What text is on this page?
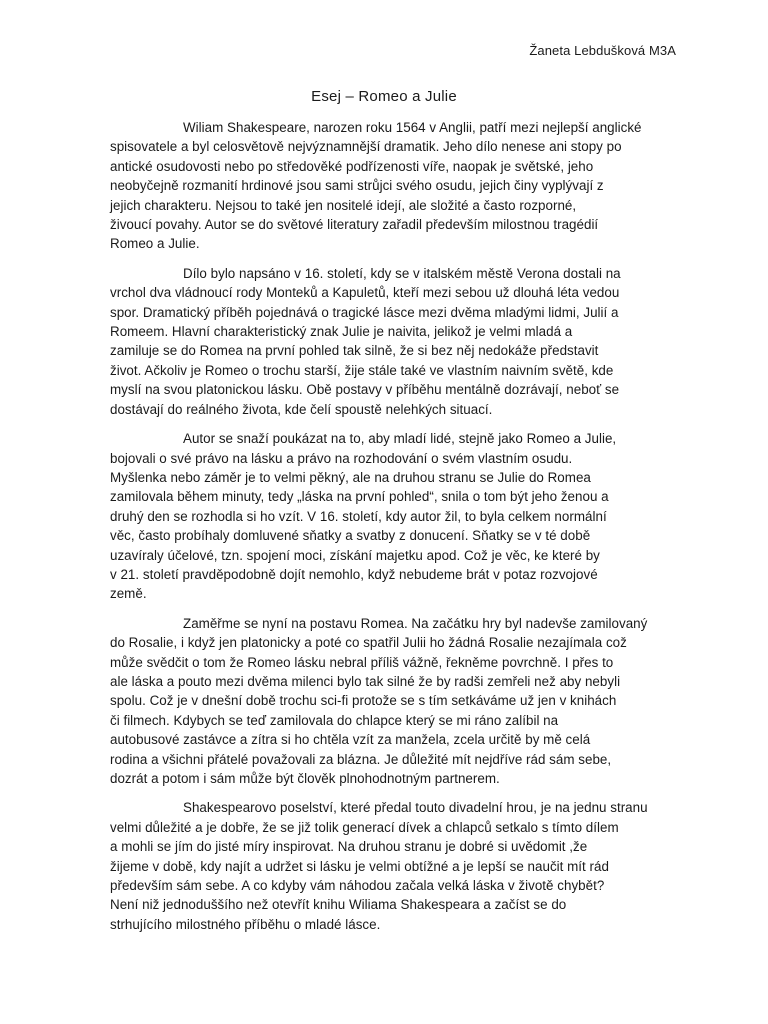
Žaneta Lebdušková M3A
Esej – Romeo a Julie
Wiliam Shakespeare, narozen roku 1564 v Anglii, patří mezi nejlepší anglické
spisovatele a byl celosvětově nejvýznamnější dramatik. Jeho dílo nenese ani stopy po
antické osudovosti nebo po středověké podřízenosti víře, naopak je světské, jeho
neobyčejně rozmanití hrdinové jsou sami strůjci svého osudu, jejich činy vyplývají z
jejich charakteru. Nejsou to také jen nositelé idejí, ale složité a často rozporné,
živoucí povahy. Autor se do světové literatury zařadil především milostnou tragédií
Romeo a Julie.
Dílo bylo napsáno v 16. století, kdy se v italském městě Verona dostali na
vrchol dva vládnoucí rody Monteků a Kapuletů, kteří mezi sebou už dlouhá léta vedou
spor. Dramatický příběh pojednává o tragické lásce mezi dvěma mladými lidmi, Julií a
Romeem. Hlavní charakteristický znak Julie je naivita, jelikož je velmi mladá a
zamiluje se do Romea na první pohled tak silně, že si bez něj nedokáže představit
život. Ačkoliv je Romeo o trochu starší, žije stále také ve vlastním naivním světě, kde
myslí na svou platonickou lásku. Obě postavy v příběhu mentálně dozrávají, neboť se
dostávají do reálného života, kde čelí spoustě nelehkých situací.
Autor se snaží poukázat na to, aby mladí lidé, stejně jako Romeo a Julie,
bojovali o své právo na lásku a právo na rozhodování o svém vlastním osudu.
Myšlenka nebo záměr je to velmi pěkný, ale na druhou stranu se Julie do Romea
zamilovala během minuty, tedy „láska na první pohled“, snila o tom být jeho ženou a
druhý den se rozhodla si ho vzít. V 16. století, kdy autor žil, to byla celkem normální
věc, často probíhaly domluvené sňatky a svatby z donucení. Sňatky se v té době
uzavíraly účelové, tzn. spojení moci, získání majetku apod. Což je věc, ke které by
v 21. století pravděpodobně dojít nemohlo, když nebudeme brát v potaz rozvojové
země.
Zaměřme se nyní na postavu Romea. Na začátku hry byl nadevše zamilovaný
do Rosalie, i když jen platonicky a poté co spatřil Julii ho žádná Rosalie nezajímala což
může svědčit o tom že Romeo lásku nebral příliš vážně, řekněme povrchně. I přes to
ale láska a pouto mezi dvěma milenci bylo tak silné že by radši zemřeli než aby nebyli
spolu. Což je v dnešní době trochu sci-fi protože se s tím setkáváme už jen v knihách
či filmech. Kdybych se teď zamilovala do chlapce který se mi ráno zalíbil na
autobusové zastávce a zítra si ho chtěla vzít za manžela, zcela určitě by mě celá
rodina a všichni přátelé považovali za blázna. Je důležité mít nejdříve rád sám sebe,
dozrát a potom i sám může být člověk plnohodnotným partnerem.
Shakespearovo poselství, které předal touto divadelní hrou, je na jednu stranu
velmi důležité a je dobře, že se již tolik generací dívek a chlapců setkalo s tímto dílem
a mohli se jím do jisté míry inspirovat. Na druhou stranu je dobré si uvědomit ,že
žijeme v době, kdy najít a udržet si lásku je velmi obtížné a je lepší se naučit mít rád
především sám sebe. A co kdyby vám náhodou začala velká láska v životě chybět?
Není niž jednoduššího než otevřít knihu Wiliama Shakespeara a začíst se do
strhujícího milostného příběhu o mladé lásce.
